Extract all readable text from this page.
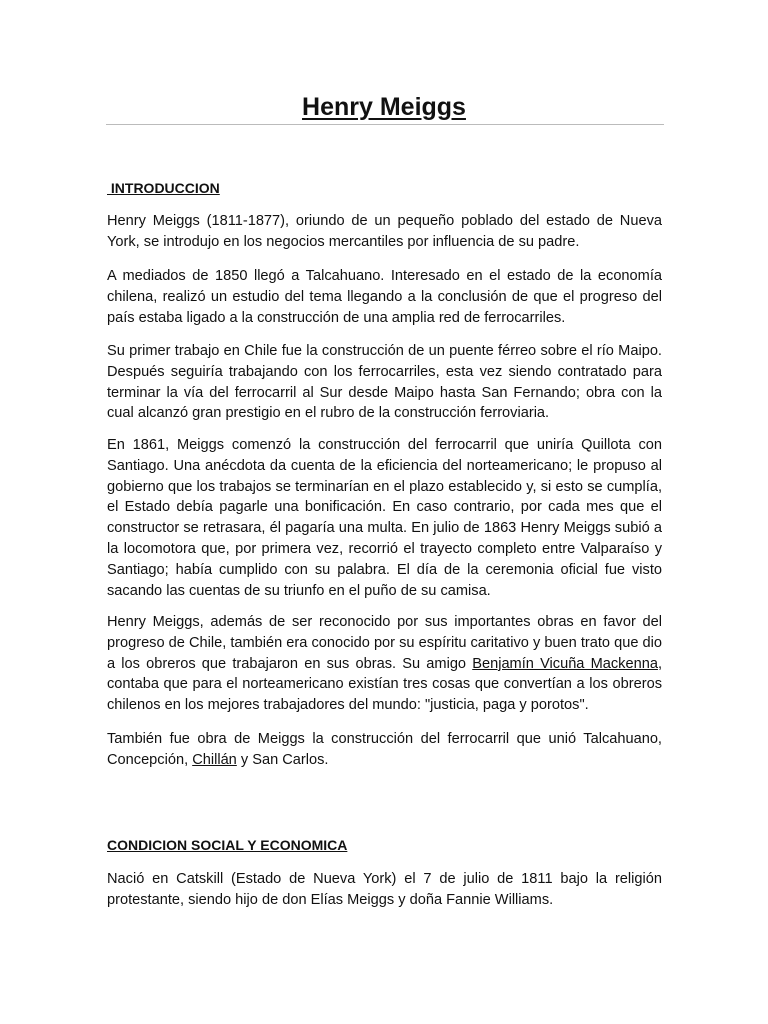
Henry Meiggs
INTRODUCCION

Henry Meiggs (1811-1877), oriundo de un pequeño poblado del estado de Nueva York, se introdujo en los negocios mercantiles por influencia de su padre.

A mediados de 1850 llegó a Talcahuano. Interesado en el estado de la economía chilena, realizó un estudio del tema llegando a la conclusión de que el progreso del país estaba ligado a la construcción de una amplia red de ferrocarriles.

Su primer trabajo en Chile fue la construcción de un puente férreo sobre el río Maipo. Después seguiría trabajando con los ferrocarriles, esta vez siendo contratado para terminar la vía del ferrocarril al Sur desde Maipo hasta San Fernando; obra con la cual alcanzó gran prestigio en el rubro de la construcción ferroviaria.

En 1861, Meiggs comenzó la construcción del ferrocarril que uniría Quillota con Santiago. Una anécdota da cuenta de la eficiencia del norteamericano; le propuso al gobierno que los trabajos se terminarían en el plazo establecido y, si esto se cumplía, el Estado debía pagarle una bonificación. En caso contrario, por cada mes que el constructor se retrasara, él pagaría una multa. En julio de 1863 Henry Meiggs subió a la locomotora que, por primera vez, recorrió el trayecto completo entre Valparaíso y Santiago; había cumplido con su palabra. El día de la ceremonia oficial fue visto sacando las cuentas de su triunfo en el puño de su camisa.

Henry Meiggs, además de ser reconocido por sus importantes obras en favor del progreso de Chile, también era conocido por su espíritu caritativo y buen trato que dio a los obreros que trabajaron en sus obras. Su amigo Benjamín Vicuña Mackenna, contaba que para el norteamericano existían tres cosas que convertían a los obreros chilenos en los mejores trabajadores del mundo: "justicia, paga y porotos".

También fue obra de Meiggs la construcción del ferrocarril que unió Talcahuano, Concepción, Chillán y San Carlos.

CONDICION SOCIAL Y ECONOMICA

Nació en Catskill (Estado de Nueva York) el 7 de julio de 1811 bajo la religión protestante, siendo hijo de don Elías Meiggs y doña Fannie Williams.
